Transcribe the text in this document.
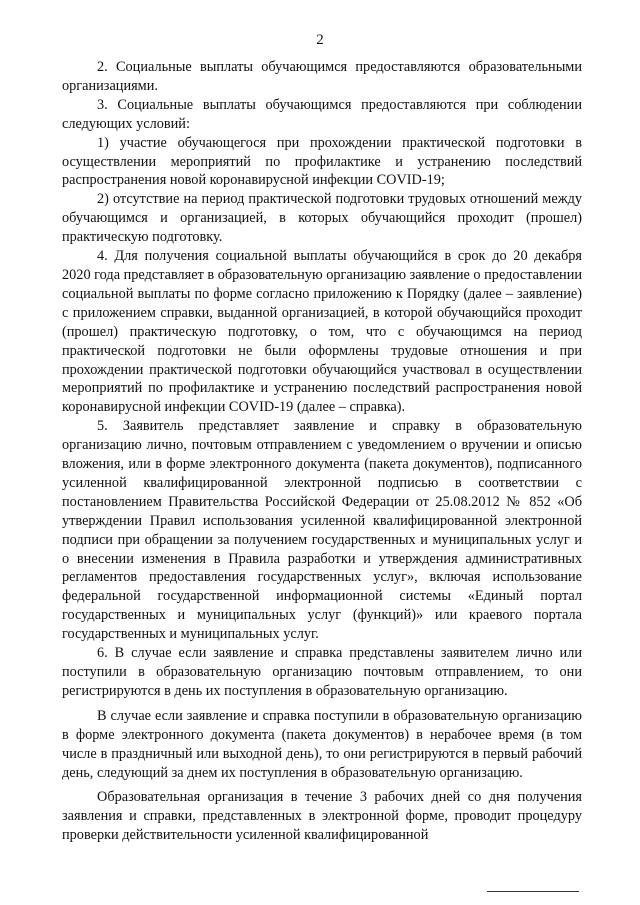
2

2. Социальные выплаты обучающимся предоставляются образовательными организациями.

3. Социальные выплаты обучающимся предоставляются при соблюдении следующих условий:

1) участие обучающегося при прохождении практической подготовки в осуществлении мероприятий по профилактике и устранению последствий распространения новой коронавирусной инфекции COVID-19;

2) отсутствие на период практической подготовки трудовых отношений между обучающимся и организацией, в которых обучающийся проходит (прошел) практическую подготовку.

4. Для получения социальной выплаты обучающийся в срок до 20 декабря 2020 года представляет в образовательную организацию заявление о предоставлении социальной выплаты по форме согласно приложению к Порядку (далее – заявление) с приложением справки, выданной организацией, в которой обучающийся проходит (прошел) практическую подготовку, о том, что с обучающимся на период практической подготовки не были оформлены трудовые отношения и при прохождении практической подготовки обучающийся участвовал в осуществлении мероприятий по профилактике и устранению последствий распространения новой коронавирусной инфекции COVID-19 (далее – справка).

5. Заявитель представляет заявление и справку в образовательную организацию лично, почтовым отправлением с уведомлением о вручении и описью вложения, или в форме электронного документа (пакета документов), подписанного усиленной квалифицированной электронной подписью в соответствии с постановлением Правительства Российской Федерации от 25.08.2012 № 852 «Об утверждении Правил использования усиленной квалифицированной электронной подписи при обращении за получением государственных и муниципальных услуг и о внесении изменения в Правила разработки и утверждения административных регламентов предоставления государственных услуг», включая использование федеральной государственной информационной системы «Единый портал государственных и муниципальных услуг (функций)» или краевого портала государственных и муниципальных услуг.

6. В случае если заявление и справка представлены заявителем лично или поступили в образовательную организацию почтовым отправлением, то они регистрируются в день их поступления в образовательную организацию.

В случае если заявление и справка поступили в образовательную организацию в форме электронного документа (пакета документов) в нерабочее время (в том числе в праздничный или выходной день), то они регистрируются в первый рабочий день, следующий за днем их поступления в образовательную организацию.

Образовательная организация в течение 3 рабочих дней со дня получения заявления и справки, представленных в электронной форме, проводит процедуру проверки действительности усиленной квалифицированной
